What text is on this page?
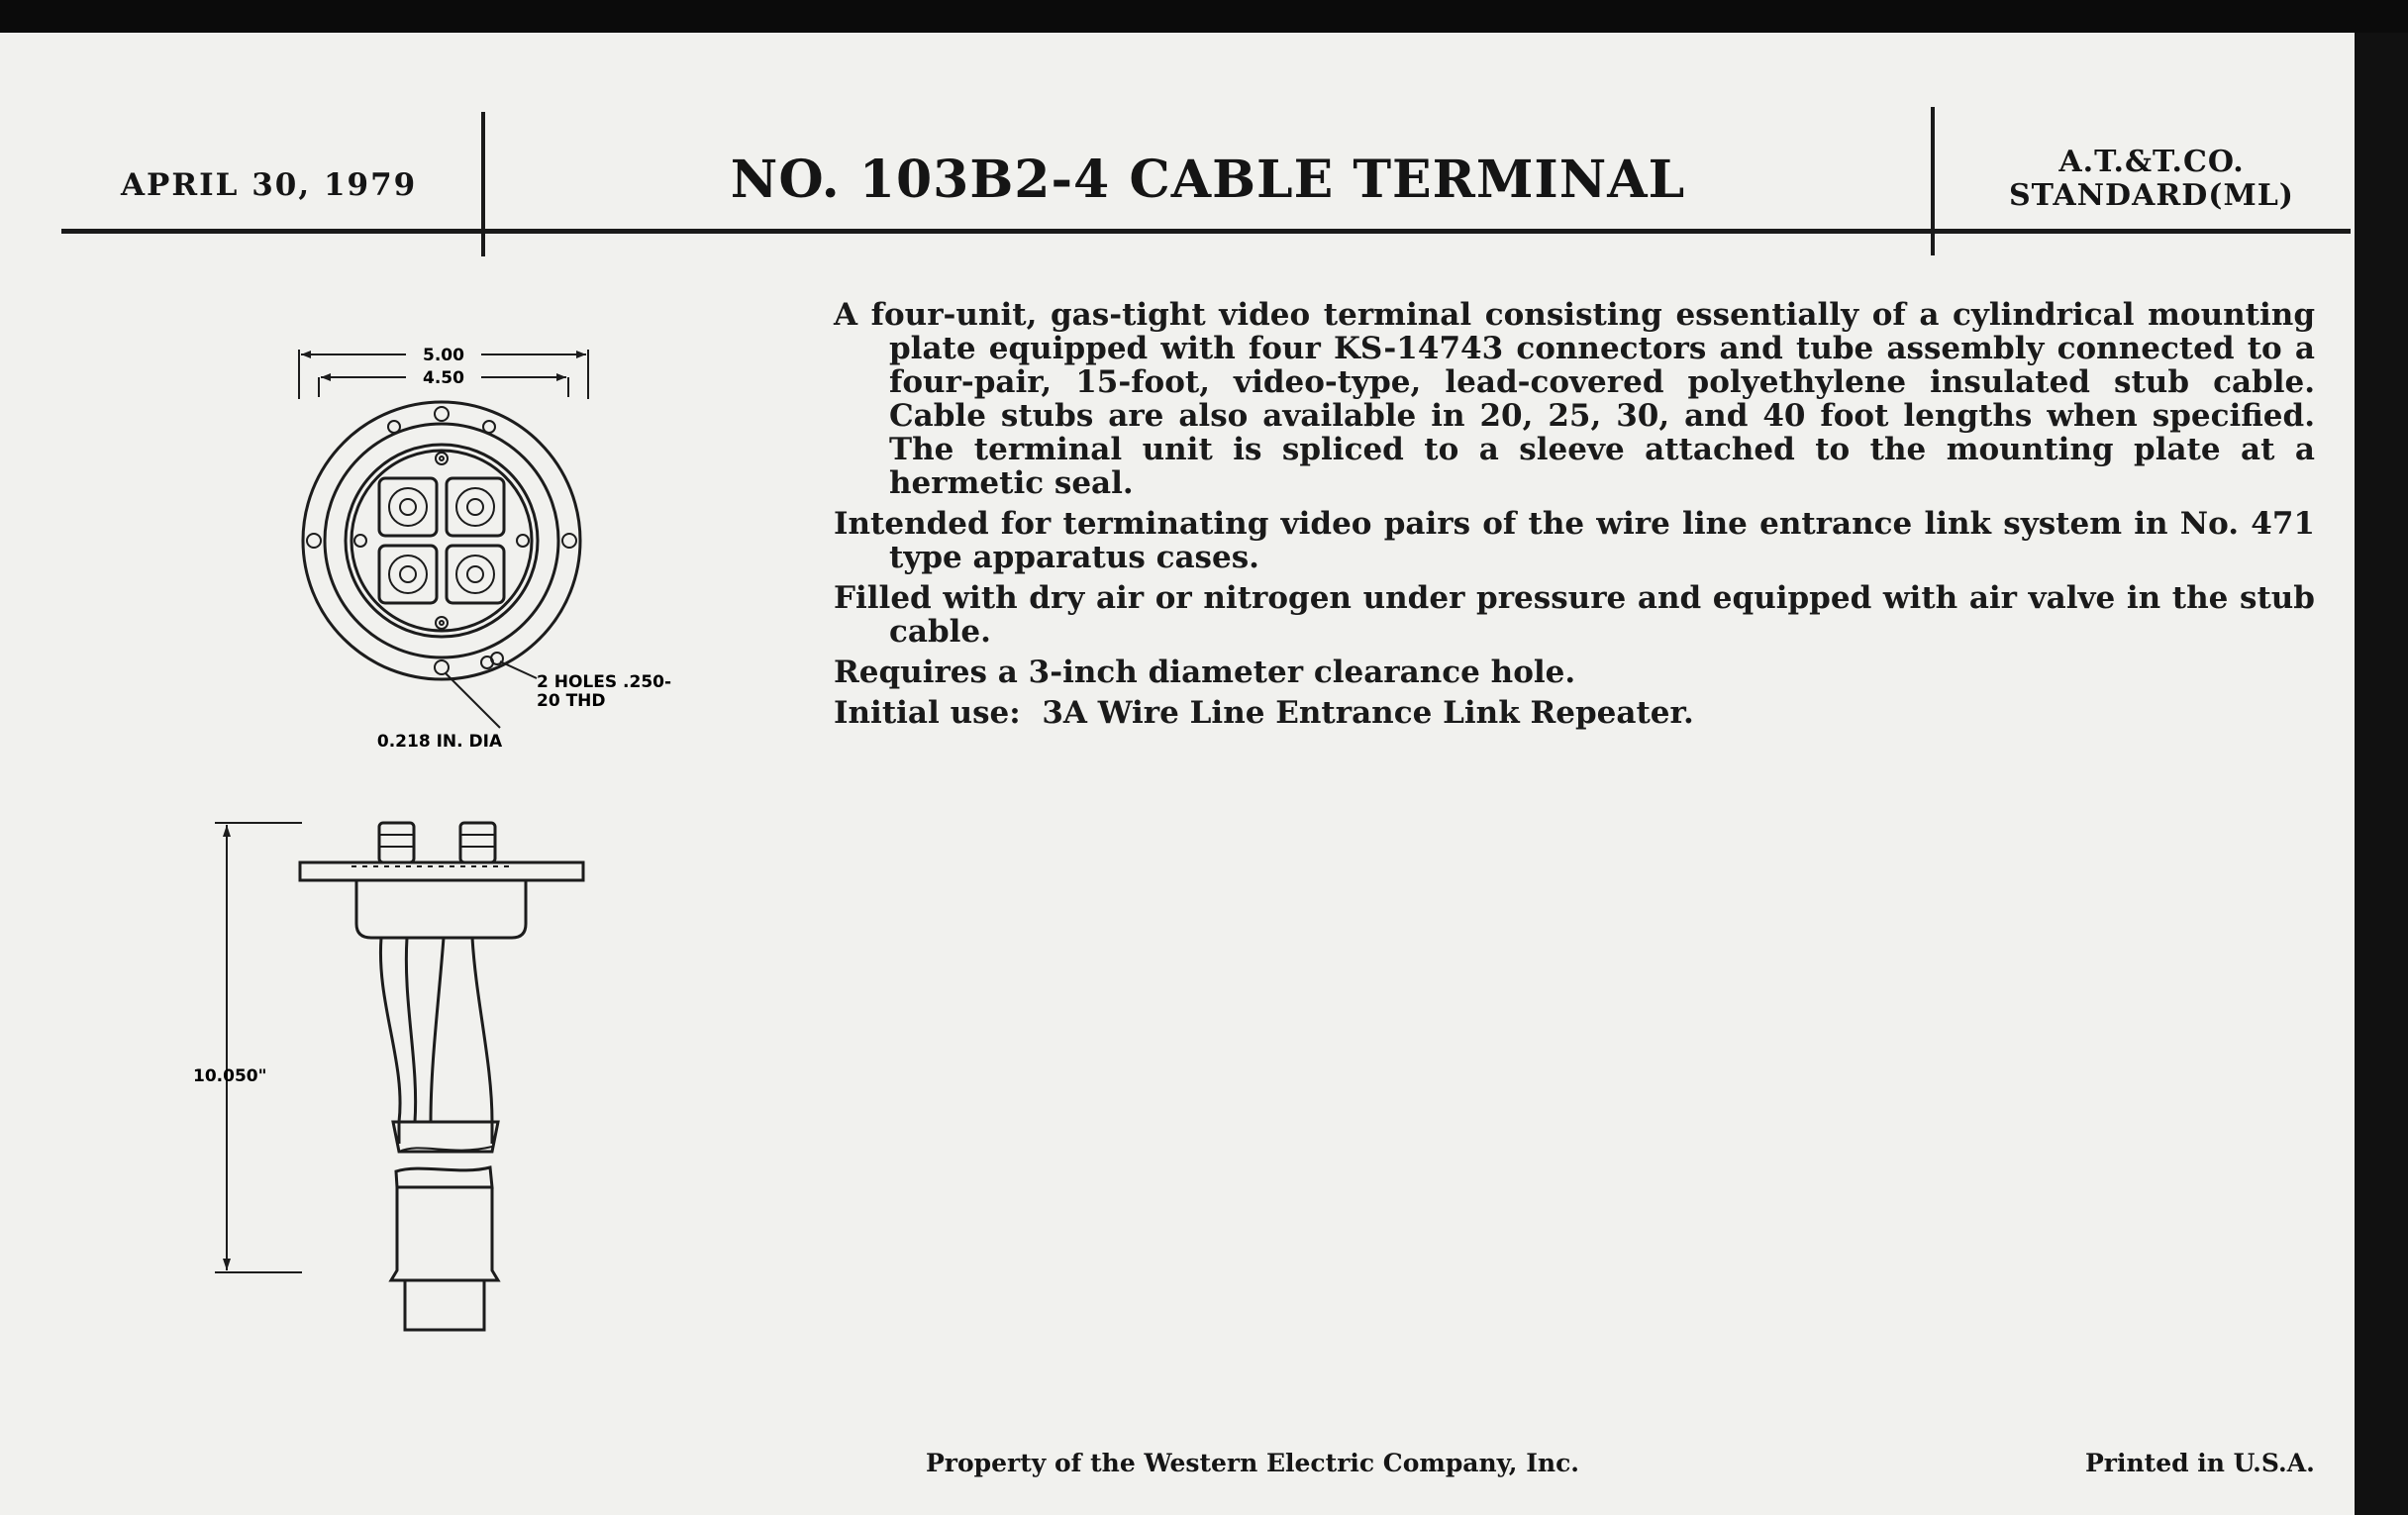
APRIL 30, 1979	NO. 103B2-4 CABLE TERMINAL	A.T.&T.CO.
STANDARD(ML)

A four-unit, gas-tight video terminal consisting essentially of a cylindrical mounting plate equipped with four KS-14743 connectors and tube assembly connected to a four-pair, 15-foot, video-type, lead-covered polyethylene insulated stub cable. Cable stubs are also available in 20, 25, 30, and 40 foot lengths when specified. The terminal unit is spliced to a sleeve attached to the mounting plate at a hermetic seal.

Intended for terminating video pairs of the wire line entrance link system in No. 471 type apparatus cases.

Filled with dry air or nitrogen under pressure and equipped with air valve in the stub cable.

Requires a 3-inch diameter clearance hole.

Initial use: 3A Wire Line Entrance Link Repeater.

5.00
4.50
2 HOLES .250-
20 THD
0.218 IN. DIA
10.050"
Property of the Western Electric Company, Inc.	Printed in U.S.A.
